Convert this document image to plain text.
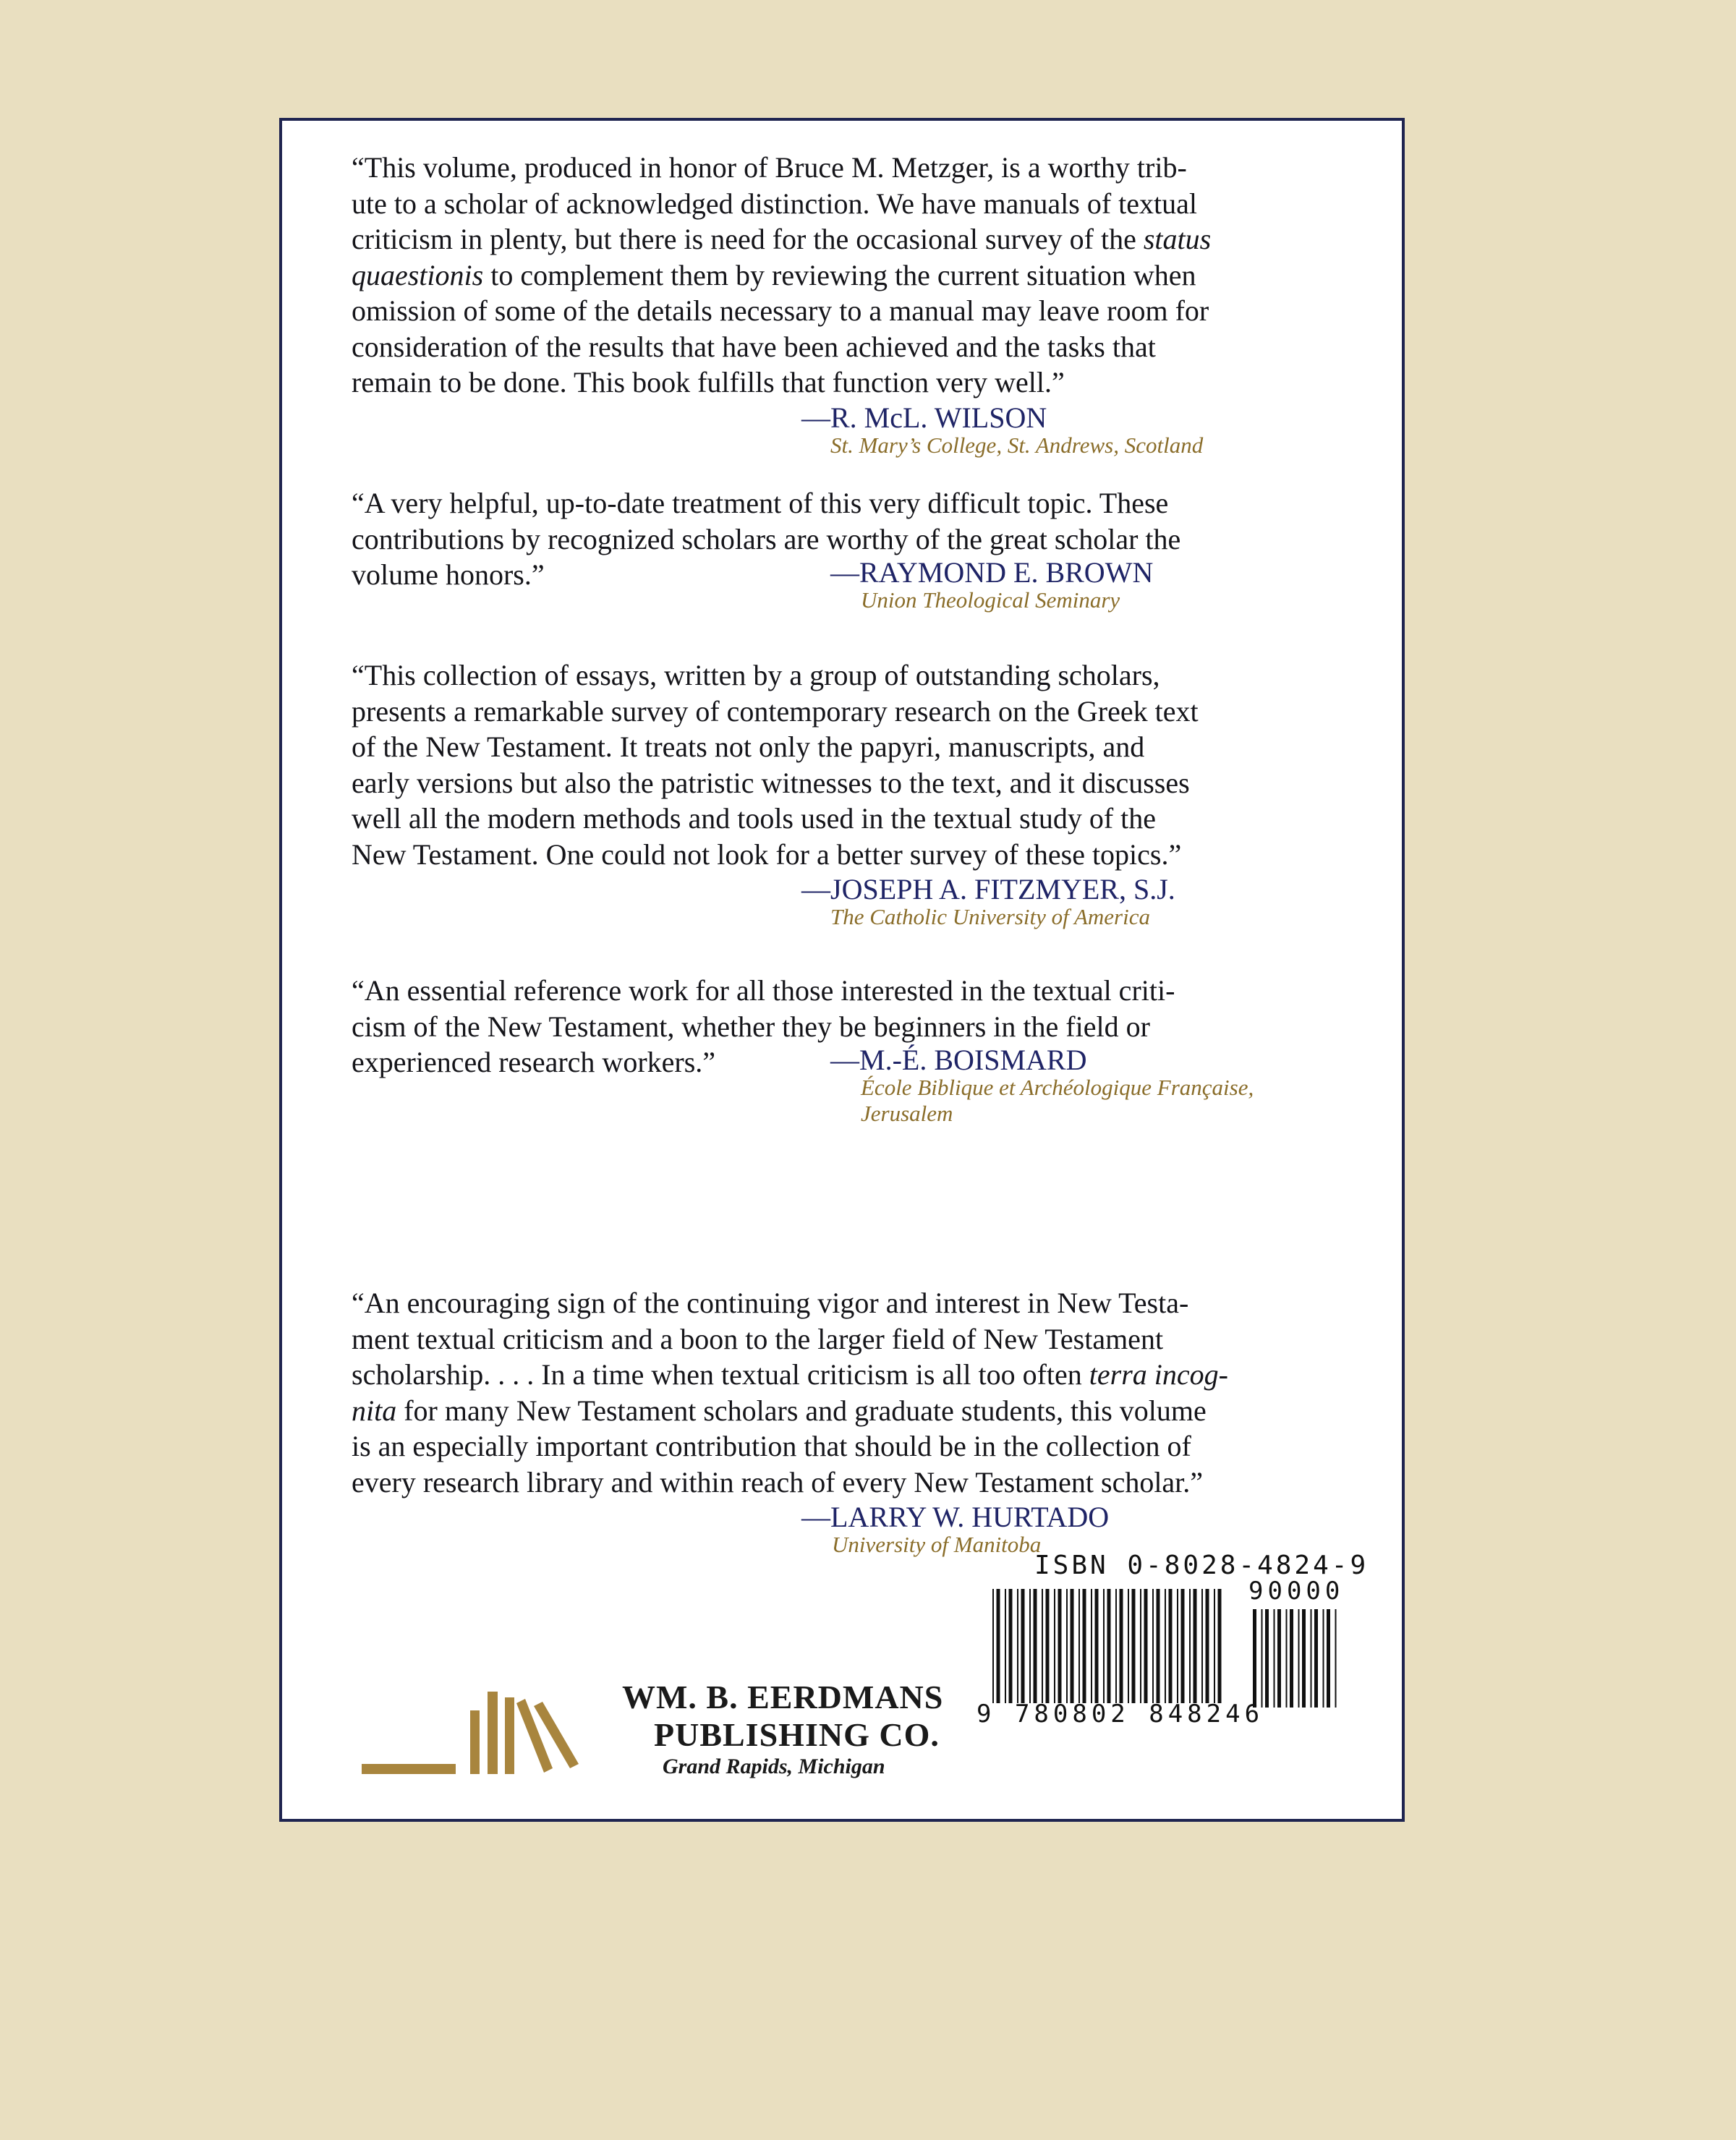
“This volume, produced in honor of Bruce M. Metzger, is a worthy trib-
ute to a scholar of acknowledged distinction. We have manuals of textual
criticism in plenty, but there is need for the occasional survey of the status
quaestionis to complement them by reviewing the current situation when
omission of some of the details necessary to a manual may leave room for
consideration of the results that have been achieved and the tasks that
remain to be done. This book fulfills that function very well.”

—R. McL. WILSON
St. Mary’s College, St. Andrews, Scotland

“A very helpful, up-to-date treatment of this very difficult topic. These
contributions by recognized scholars are worthy of the great scholar the
volume honors.”	—RAYMOND E. BROWN
Union Theological Seminary

“This collection of essays, written by a group of outstanding scholars,
presents a remarkable survey of contemporary research on the Greek text
of the New Testament. It treats not only the papyri, manuscripts, and
early versions but also the patristic witnesses to the text, and it discusses
well all the modern methods and tools used in the textual study of the
New Testament. One could not look for a better survey of these topics.”

—JOSEPH A. FITZMYER, S.J.
The Catholic University of America

“An essential reference work for all those interested in the textual criti-
cism of the New Testament, whether they be beginners in the field or
experienced research workers.”	—M.-É. BOISMARD
École Biblique et Archéologique Française,
Jerusalem

“An encouraging sign of the continuing vigor and interest in New Testa-
ment textual criticism and a boon to the larger field of New Testament
scholarship. . . . In a time when textual criticism is all too often terra incog-
nita for many New Testament scholars and graduate students, this volume
is an especially important contribution that should be in the collection of
every research library and within reach of every New Testament scholar.”

—LARRY W. HURTADO
University of Manitoba
WM. B. EERDMANS
PUBLISHING CO.
Grand Rapids, Michigan
ISBN 0-8028-4824-9
90000
9 780802 848246
